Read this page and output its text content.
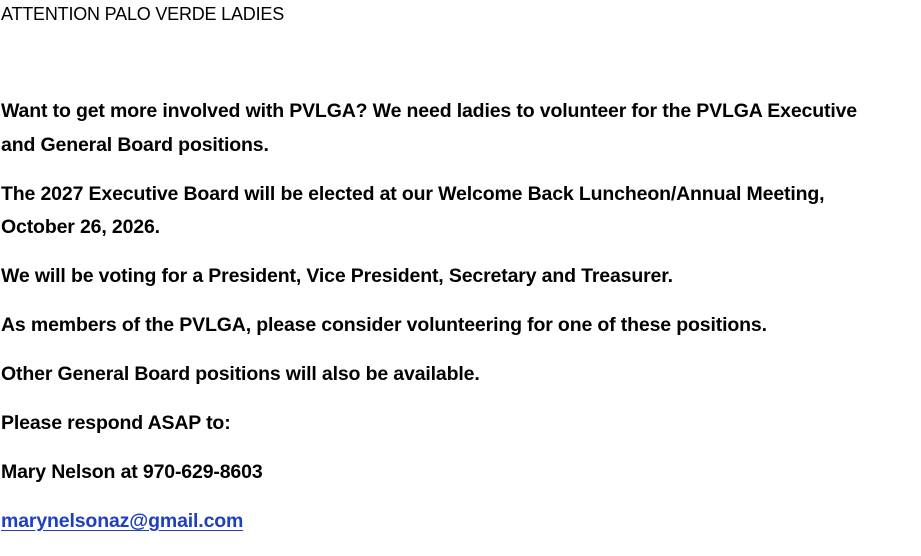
ATTENTION PALO VERDE LADIES
Want to get more involved with PVLGA? We need ladies to volunteer for the PVLGA Executive
and General Board positions.
The 2027 Executive Board will be elected at our Welcome Back Luncheon/Annual Meeting,
October 26, 2026.
We will be voting for a President, Vice President, Secretary and Treasurer.
As members of the PVLGA, please consider volunteering for one of these positions.
Other General Board positions will also be available.
Please respond ASAP to:
Mary Nelson at 970-629-8603
marynelsonaz@gmail.com
